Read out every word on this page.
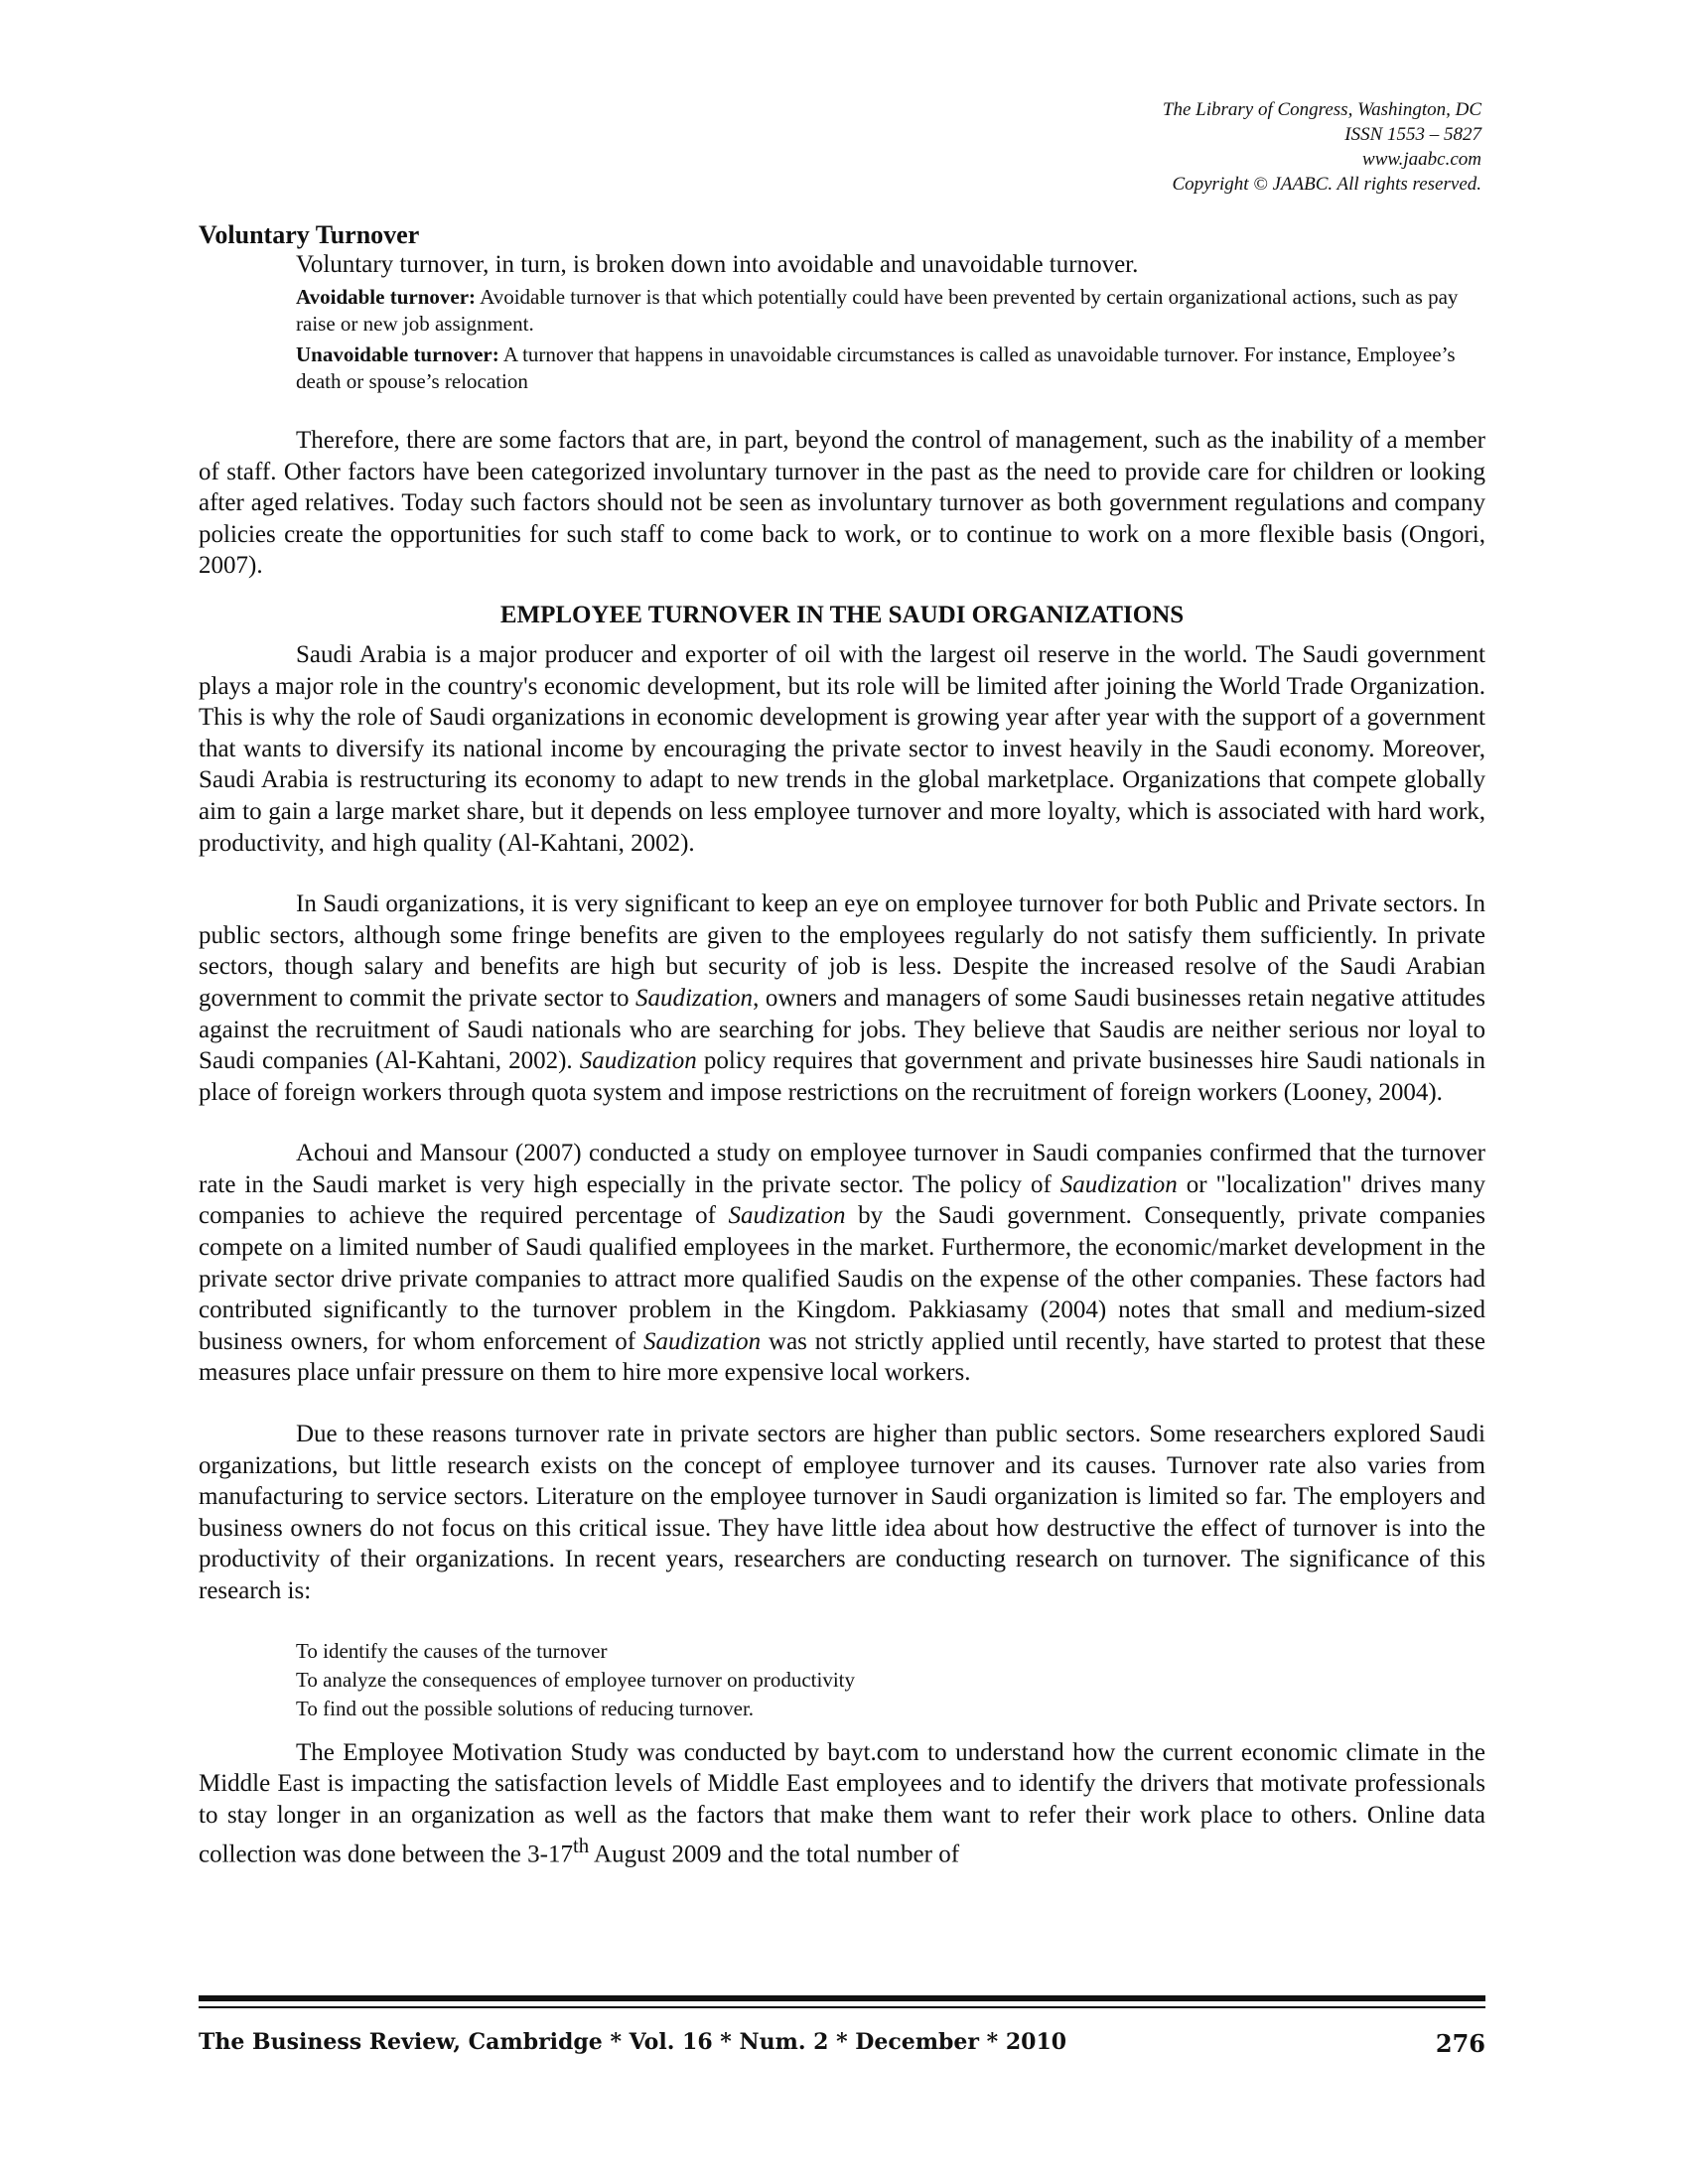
The Library of Congress, Washington, DC
ISSN 1553 – 5827
www.jaabc.com
Copyright © JAABC. All rights reserved.

Voluntary Turnover

Voluntary turnover, in turn, is broken down into avoidable and unavoidable turnover.

Avoidable turnover: Avoidable turnover is that which potentially could have been prevented by certain organizational actions, such as pay raise or new job assignment.

Unavoidable turnover: A turnover that happens in unavoidable circumstances is called as unavoidable turnover. For instance, Employee’s death or spouse’s relocation

Therefore, there are some factors that are, in part, beyond the control of management, such as the inability of a member of staff. Other factors have been categorized involuntary turnover in the past as the need to provide care for children or looking after aged relatives. Today such factors should not be seen as involuntary turnover as both government regulations and company policies create the opportunities for such staff to come back to work, or to continue to work on a more flexible basis (Ongori, 2007).

EMPLOYEE TURNOVER IN THE SAUDI ORGANIZATIONS

Saudi Arabia is a major producer and exporter of oil with the largest oil reserve in the world. The Saudi government plays a major role in the country's economic development, but its role will be limited after joining the World Trade Organization. This is why the role of Saudi organizations in economic development is growing year after year with the support of a government that wants to diversify its national income by encouraging the private sector to invest heavily in the Saudi economy. Moreover, Saudi Arabia is restructuring its economy to adapt to new trends in the global marketplace. Organizations that compete globally aim to gain a large market share, but it depends on less employee turnover and more loyalty, which is associated with hard work, productivity, and high quality (Al-Kahtani, 2002).

In Saudi organizations, it is very significant to keep an eye on employee turnover for both Public and Private sectors. In public sectors, although some fringe benefits are given to the employees regularly do not satisfy them sufficiently. In private sectors, though salary and benefits are high but security of job is less. Despite the increased resolve of the Saudi Arabian government to commit the private sector to Saudization, owners and managers of some Saudi businesses retain negative attitudes against the recruitment of Saudi nationals who are searching for jobs. They believe that Saudis are neither serious nor loyal to Saudi companies (Al-Kahtani, 2002). Saudization policy requires that government and private businesses hire Saudi nationals in place of foreign workers through quota system and impose restrictions on the recruitment of foreign workers (Looney, 2004).

Achoui and Mansour (2007) conducted a study on employee turnover in Saudi companies confirmed that the turnover rate in the Saudi market is very high especially in the private sector. The policy of Saudization or "localization" drives many companies to achieve the required percentage of Saudization by the Saudi government. Consequently, private companies compete on a limited number of Saudi qualified employees in the market. Furthermore, the economic/market development in the private sector drive private companies to attract more qualified Saudis on the expense of the other companies. These factors had contributed significantly to the turnover problem in the Kingdom. Pakkiasamy (2004) notes that small and medium-sized business owners, for whom enforcement of Saudization was not strictly applied until recently, have started to protest that these measures place unfair pressure on them to hire more expensive local workers.

Due to these reasons turnover rate in private sectors are higher than public sectors. Some researchers explored Saudi organizations, but little research exists on the concept of employee turnover and its causes. Turnover rate also varies from manufacturing to service sectors. Literature on the employee turnover in Saudi organization is limited so far. The employers and business owners do not focus on this critical issue. They have little idea about how destructive the effect of turnover is into the productivity of their organizations. In recent years, researchers are conducting research on turnover. The significance of this research is:

To identify the causes of the turnover
To analyze the consequences of employee turnover on productivity
To find out the possible solutions of reducing turnover.

The Employee Motivation Study was conducted by bayt.com to understand how the current economic climate in the Middle East is impacting the satisfaction levels of Middle East employees and to identify the drivers that motivate professionals to stay longer in an organization as well as the factors that make them want to refer their work place to others. Online data collection was done between the 3-17th August 2009 and the total number of

The Business Review, Cambridge * Vol. 16 * Num. 2 * December * 2010	276
